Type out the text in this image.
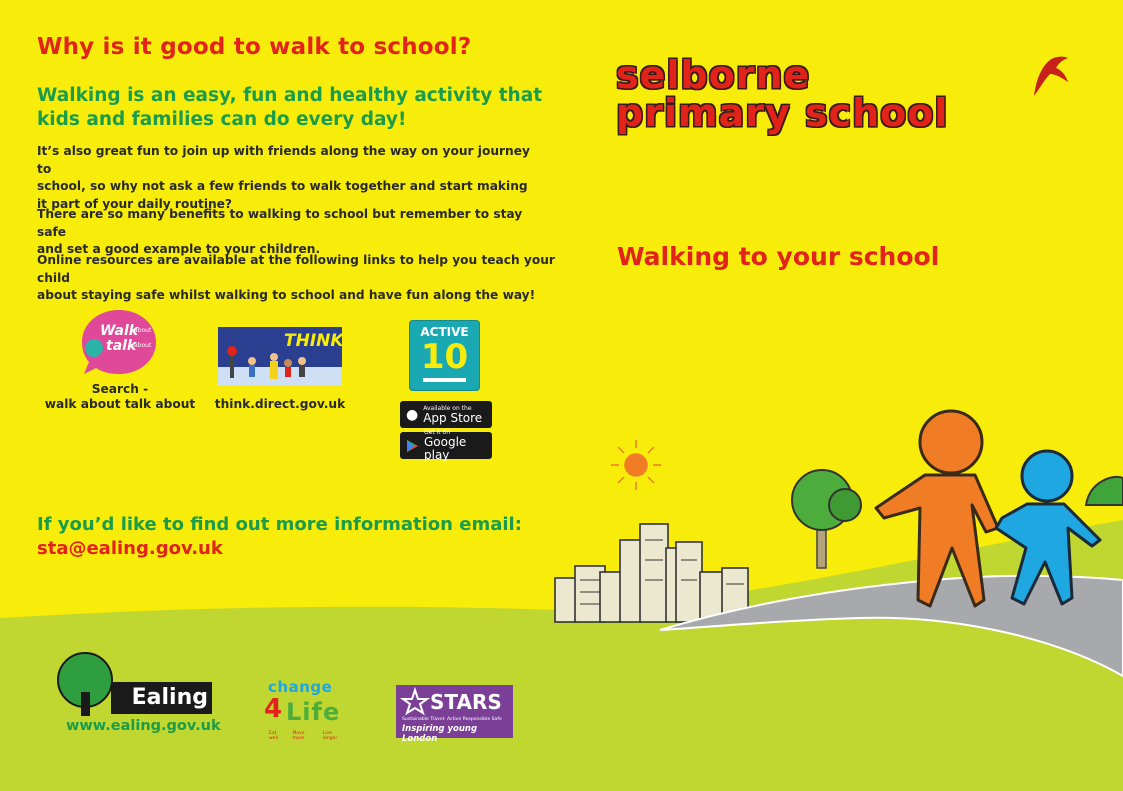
Why is it good to walk to school?
Walking is an easy, fun and healthy activity that kids and families can do every day!
It’s also great fun to join up with friends along the way on your journey to
school, so why not ask a few friends to walk together and start making
it part of your daily routine?
There are so many benefits to walking to school but remember to stay safe
and set a good example to your children.
Online resources are available at the following links to help you teach your child
about staying safe whilst walking to school and have fun along the way!
Walk
about
talk
about
Search -
walk about talk about
THINK!
think.direct.gov.uk
ACTIVE
10
● Available on the
App Store
Get it on
Google play
If you’d like to find out more information email:
sta@ealing.gov.uk
selborne
primary school
Walking to your school
Ealing
www.ealing.gov.uk
change
4 Life
Eat well
Move more
Live longer
STARS
Sustainable Travel: Active Responsible Safe
Inspiring young London
